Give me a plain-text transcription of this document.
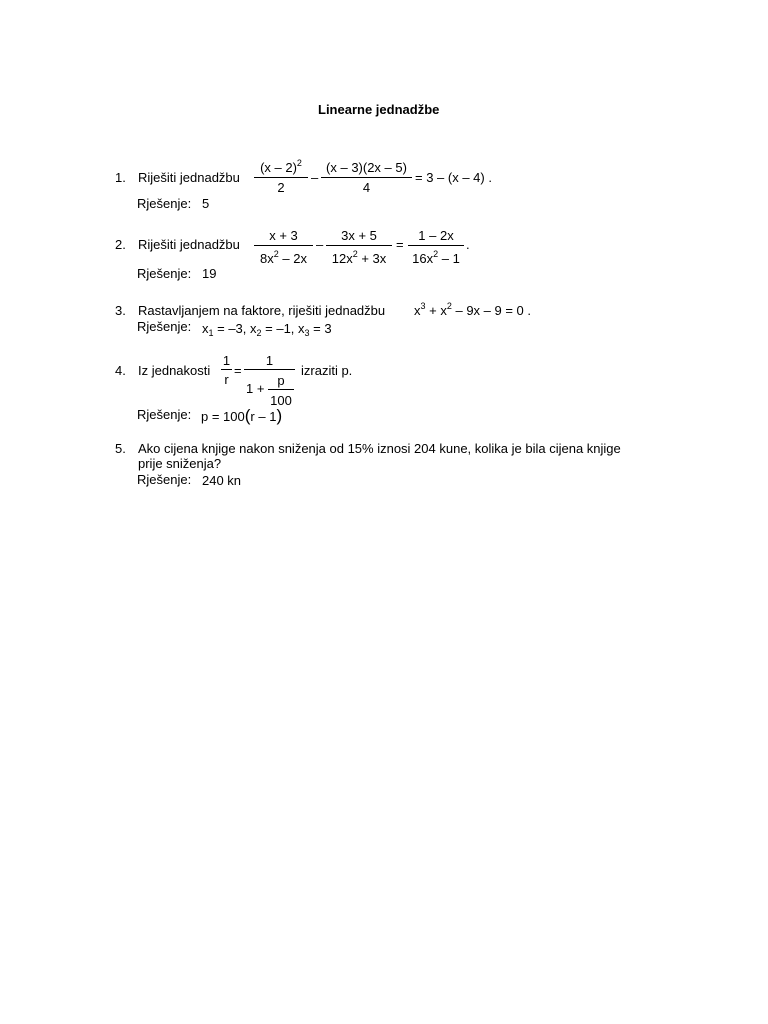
Linearne jednadžbe
1. Riješiti jednadžbu
(x – 2)$^2$
2
–
(x – 3)(2x – 5)
4
= 3 – (x – 4) .
Rješenje: 5
2. Riješiti jednadžbu
x + 3
$8x^2 - 2x$
–
3x + 5
$12x^2 + 3x$
=
1 – 2x
$16x^2 - 1$
.
Rješenje: 19
3. Rastavljanjem na faktore, riješiti jednadžbu $x^3 + x^2 - 9x - 9 = 0$ .
Rješenje: $x_1 = -3$, $x_2 = -1$, $x_3 = 3$
4. Iz jednakosti
1
r
=
1
1 +
p
100
izraziti p.
Rješenje: p = 100(r – 1)
5. Ako cijena knjige nakon sniženja od 15% iznosi 204 kune, kolika je bila cijena knjige
prije sniženja?
Rješenje: 240 kn
